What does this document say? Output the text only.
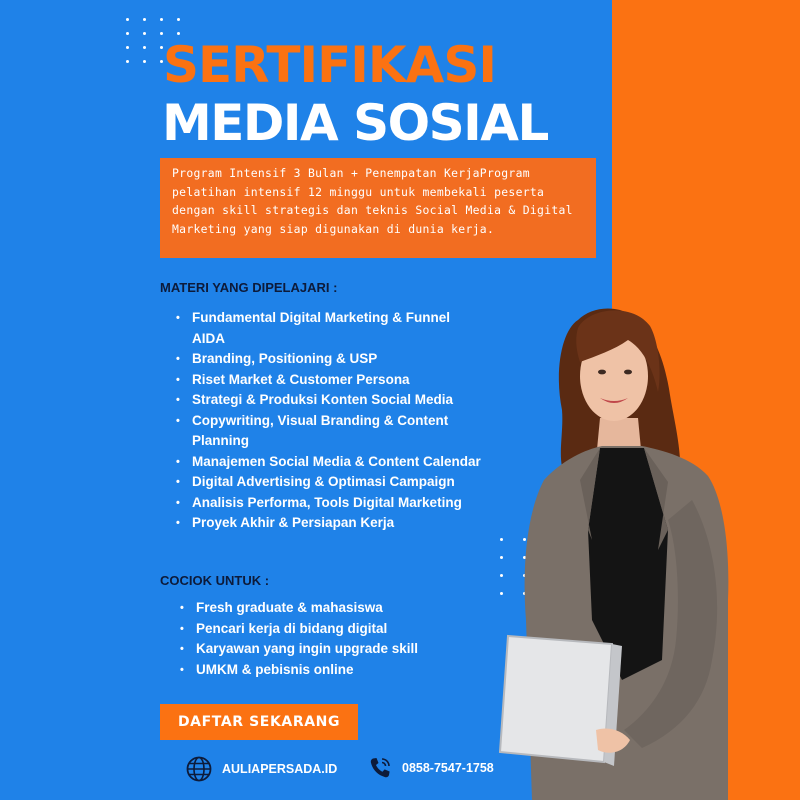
SERTIFIKASI
MEDIA SOSIAL

Program Intensif 3 Bulan + Penempatan KerjaProgram pelatihan intensif 12 minggu untuk membekali peserta dengan skill strategis dan teknis Social Media & Digital Marketing yang siap digunakan di dunia kerja.

MATERI YANG DIPELAJARI :
• Fundamental Digital Marketing & Funnel AIDA
• Branding, Positioning & USP
• Riset Market & Customer Persona
• Strategi & Produksi Konten Social Media
• Copywriting, Visual Branding & Content Planning
• Manajemen Social Media & Content Calendar
• Digital Advertising & Optimasi Campaign
• Analisis Performa, Tools Digital Marketing
• Proyek Akhir & Persiapan Kerja
COCIOK UNTUK :
• Fresh graduate & mahasiswa
• Pencari kerja di bidang digital
• Karyawan yang ingin upgrade skill
• UMKM & pebisnis online
DAFTAR SEKARANG
AULIAPERSADA.ID	0858-7547-1758
